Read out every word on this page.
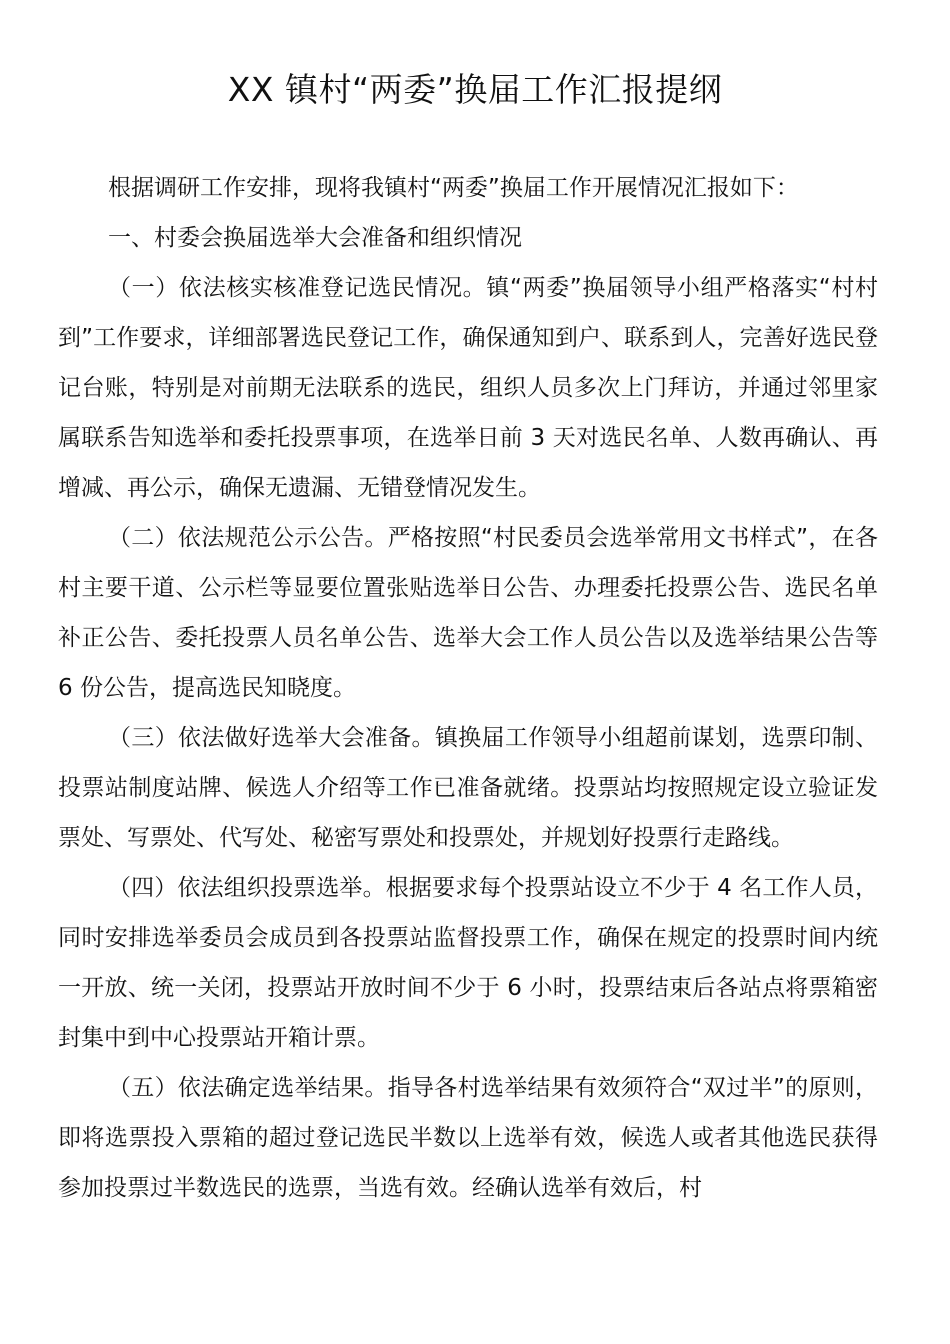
XX 镇村“两委”换届工作汇报提纲

根据调研工作安排，现将我镇村“两委”换届工作开展情况汇报如下：

一、村委会换届选举大会准备和组织情况

（一）依法核实核准登记选民情况。镇“两委”换届领导小组严格落实“村村到”工作要求，详细部署选民登记工作，确保通知到户、联系到人，完善好选民登记台账，特别是对前期无法联系的选民，组织人员多次上门拜访，并通过邻里家属联系告知选举和委托投票事项，在选举日前 3 天对选民名单、人数再确认、再增减、再公示，确保无遗漏、无错登情况发生。

（二）依法规范公示公告。严格按照“村民委员会选举常用文书样式”，在各村主要干道、公示栏等显要位置张贴选举日公告、办理委托投票公告、选民名单补正公告、委托投票人员名单公告、选举大会工作人员公告以及选举结果公告等 6 份公告，提高选民知晓度。

（三）依法做好选举大会准备。镇换届工作领导小组超前谋划，选票印制、投票站制度站牌、候选人介绍等工作已准备就绪。投票站均按照规定设立验证发票处、写票处、代写处、秘密写票处和投票处，并规划好投票行走路线。

（四）依法组织投票选举。根据要求每个投票站设立不少于 4 名工作人员，同时安排选举委员会成员到各投票站监督投票工作，确保在规定的投票时间内统一开放、统一关闭，投票站开放时间不少于 6 小时，投票结束后各站点将票箱密封集中到中心投票站开箱计票。

（五）依法确定选举结果。指导各村选举结果有效须符合“双过半”的原则，即将选票投入票箱的超过登记选民半数以上选举有效，候选人或者其他选民获得参加投票过半数选民的选票，当选有效。经确认选举有效后，村
